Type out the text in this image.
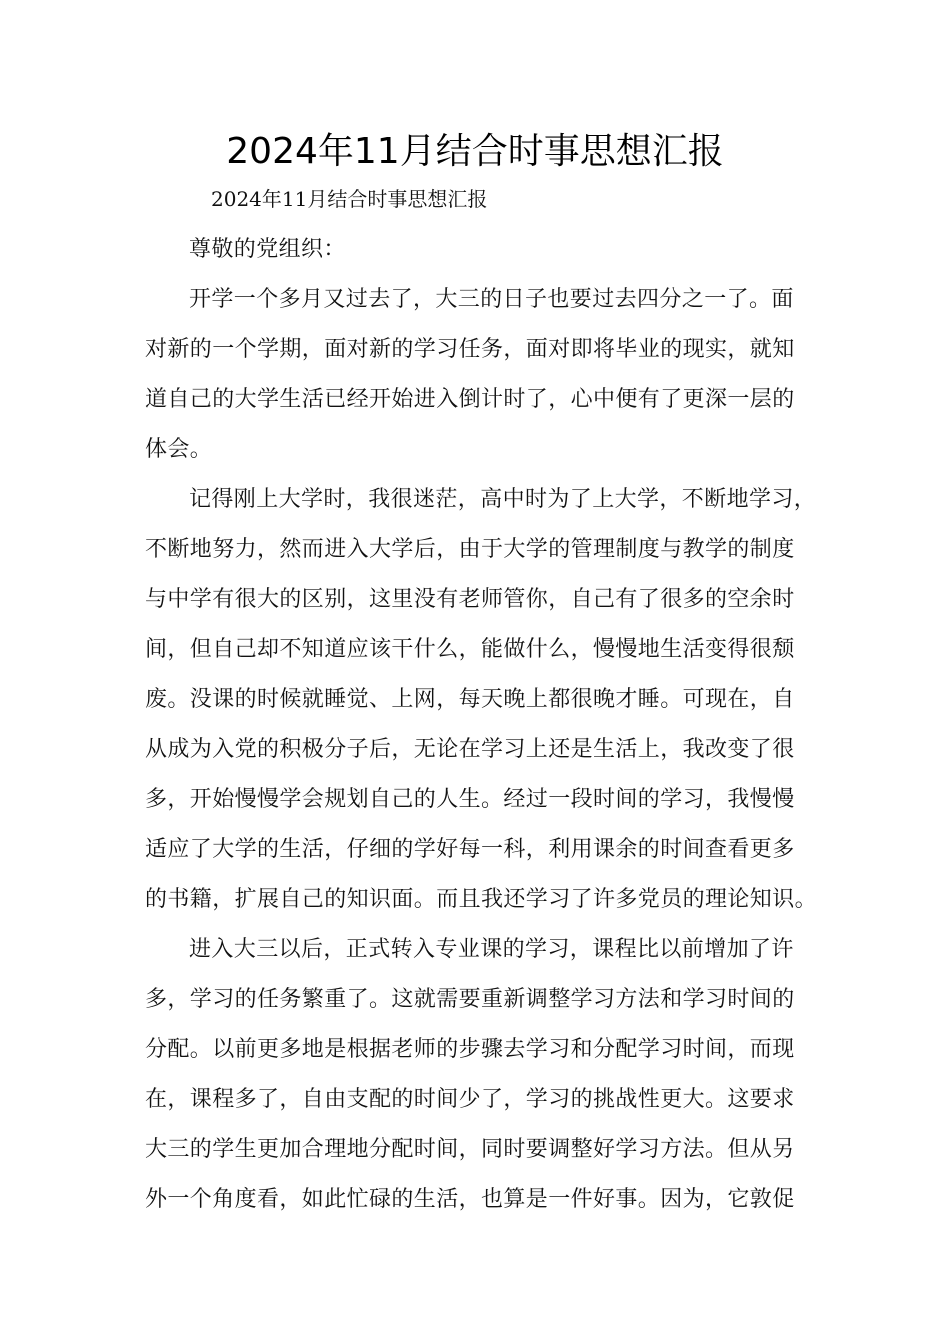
2024年11月结合时事思想汇报

2024年11月结合时事思想汇报

尊敬的党组织：
开学一个多月又过去了，大三的日子也要过去四分之一了。面
对新的一个学期，面对新的学习任务，面对即将毕业的现实，就知
道自己的大学生活已经开始进入倒计时了，心中便有了更深一层的
体会。
记得刚上大学时，我很迷茫，高中时为了上大学，不断地学习，
不断地努力，然而进入大学后，由于大学的管理制度与教学的制度
与中学有很大的区别，这里没有老师管你，自己有了很多的空余时
间，但自己却不知道应该干什么，能做什么，慢慢地生活变得很颓
废。没课的时候就睡觉、上网，每天晚上都很晚才睡。可现在，自
从成为入党的积极分子后，无论在学习上还是生活上，我改变了很
多，开始慢慢学会规划自己的人生。经过一段时间的学习，我慢慢
适应了大学的生活，仔细的学好每一科，利用课余的时间查看更多
的书籍，扩展自己的知识面。而且我还学习了许多党员的理论知识。
进入大三以后，正式转入专业课的学习，课程比以前增加了许
多，学习的任务繁重了。这就需要重新调整学习方法和学习时间的
分配。以前更多地是根据老师的步骤去学习和分配学习时间，而现
在，课程多了，自由支配的时间少了，学习的挑战性更大。这要求
大三的学生更加合理地分配时间，同时要调整好学习方法。但从另
外一个角度看，如此忙碌的生活，也算是一件好事。因为，它敦促
